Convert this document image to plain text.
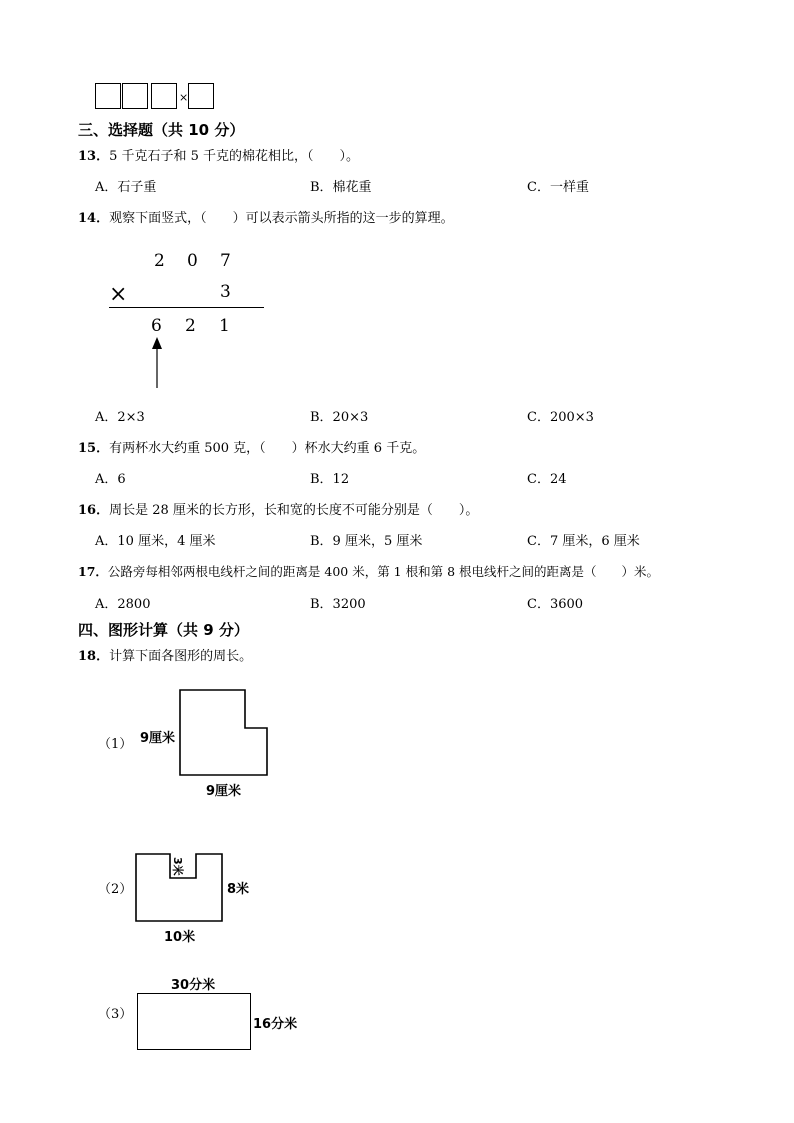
×
三、选择题（共 10 分）
13．5 千克石子和 5 千克的棉花相比，（　　）。
A．石子重	B．棉花重	C．一样重
14．观察下面竖式，（　　）可以表示箭头所指的这一步的算理。
2 0 7
×	3
6 2 1
A．2×3	B．20×3	C．200×3
15．有两杯水大约重 500 克，（　　）杯水大约重 6 千克。
A．6	B．12	C．24
16．周长是 28 厘米的长方形，长和宽的长度不可能分别是（　　）。
A．10 厘米，4 厘米	B．9 厘米，5 厘米	C．7 厘米，6 厘米
17．公路旁每相邻两根电线杆之间的距离是 400 米，第 1 根和第 8 根电线杆之间的距离是（　　）米。
A．2800	B．3200	C．3600
四、图形计算（共 9 分）
18．计算下面各图形的周长。
（1） 9厘米
9厘米
（2）
3米
8米
10米
30分米
（3）
16分米
